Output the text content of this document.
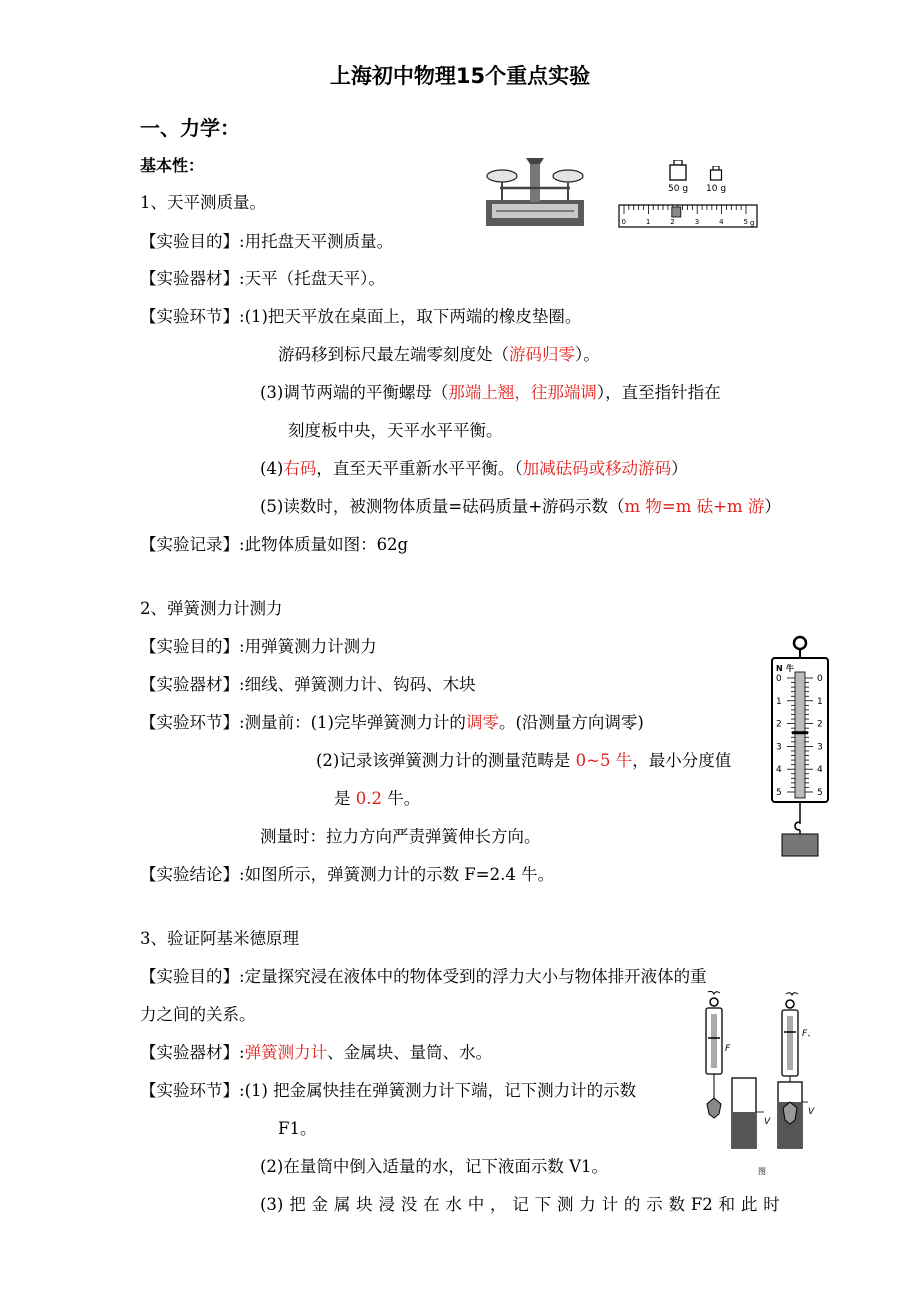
上海初中物理15个重点实验
一、力学：
基本性：
1、天平测质量。
【实验目的】:用托盘天平测质量。
【实验器材】:天平（托盘天平）。
【实验环节】:(1)把天平放在桌面上，取下两端的橡皮垫圈。
游码移到标尺最左端零刻度处（游码归零）。
(3)调节两端的平衡螺母（那端上翘，往那端调），直至指针指在
刻度板中央，天平水平平衡。
(4)右码，直至天平重新水平平衡。（加减砝码或移动游码）
(5)读数时，被测物体质量=砝码质量+游码示数（m 物=m 砝+m 游）
【实验记录】:此物体质量如图：62g
50 g 10 g
0	1	2	3	4	5 g
2、弹簧测力计测力
【实验目的】:用弹簧测力计测力
【实验器材】:细线、弹簧测力计、钩码、木块
【实验环节】:测量前：(1)完毕弹簧测力计的调零。(沿测量方向调零)
(2)记录该弹簧测力计的测量范畴是 0~5 牛，最小分度值
是 0.2 牛。
测量时：拉力方向严责弹簧伸长方向。
【实验结论】:如图所示，弹簧测力计的示数 F=2.4 牛。
N 牛
0	0
1	1
2	2
3	3
4	4
5	5
3、验证阿基米德原理
【实验目的】:定量探究浸在液体中的物体受到的浮力大小与物体排开液体的重
力之间的关系。
【实验器材】:弹簧测力计、金属块、量筒、水。
【实验环节】:(1) 把金属快挂在弹簧测力计下端，记下测力计的示数
F1。
(2)在量筒中倒入适量的水，记下液面示数 V1。
(3) 把 金 属 块 浸 没 在 水 中 ， 记 下 测 力 计 的 示 数 F2 和 此 时
F
V
F、
V
图
